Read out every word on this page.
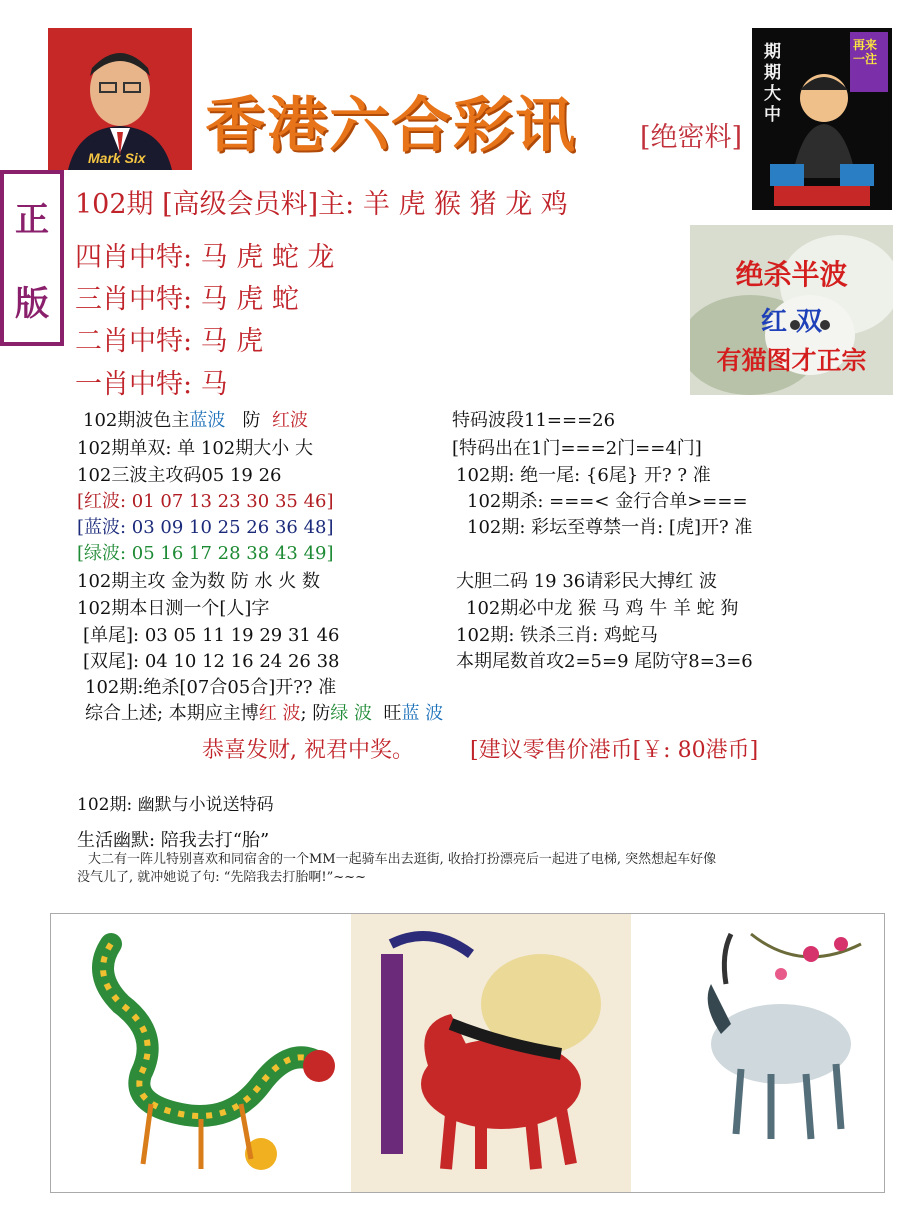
Mark Six 香港六合彩讯 [绝密料]
期期大中
再来一注
正
版
102期 [高级会员料]主: 羊 虎 猴 猪 龙 鸡
四肖中特: 马 虎 蛇 龙
三肖中特: 马 虎 蛇
二肖中特: 马 虎
一肖中特: 马
绝杀半波
红 双
有猫图才正宗
102期波色主蓝波   防  红波
102期单双: 单 102期大小 大
102三波主攻码05 19 26
[红波: 01 07 13 23 30 35 46]
[蓝波: 03 09 10 25 26 36 48]
[绿波: 05 16 17 28 38 43 49]
102期主攻 金为数 防 水 火 数
102期本日测一个[人]字
[单尾]: 03 05 11 19 29 31 46
[双尾]: 04 10 12 16 24 26 38
102期:绝杀[07合05合]开?? 准
综合上述; 本期应主博红 波; 防绿 波  旺蓝 波
特码波段11===26
[特码出在1门===2门==4门]
102期: 绝一尾: {6尾} 开? ? 准
102期杀: ===< 金行合单>===
102期: 彩坛至尊禁一肖: [虎]开? 准
大胆二码 19 36请彩民大搏红 波
102期必中龙 猴 马 鸡 牛 羊 蛇 狗
102期: 铁杀三肖: 鸡蛇马
本期尾数首攻2=5=9 尾防守8=3=6
恭喜发财, 祝君中奖。	[建议零售价港币[￥: 80港币]
102期: 幽默与小说送特码
生活幽默: 陪我去打“胎”
大二有一阵儿特别喜欢和同宿舍的一个MM一起骑车出去逛街, 收拾打扮漂亮后一起进了电梯, 突然想起车好像
没气儿了, 就冲她说了句: “先陪我去打胎啊!”~~~
